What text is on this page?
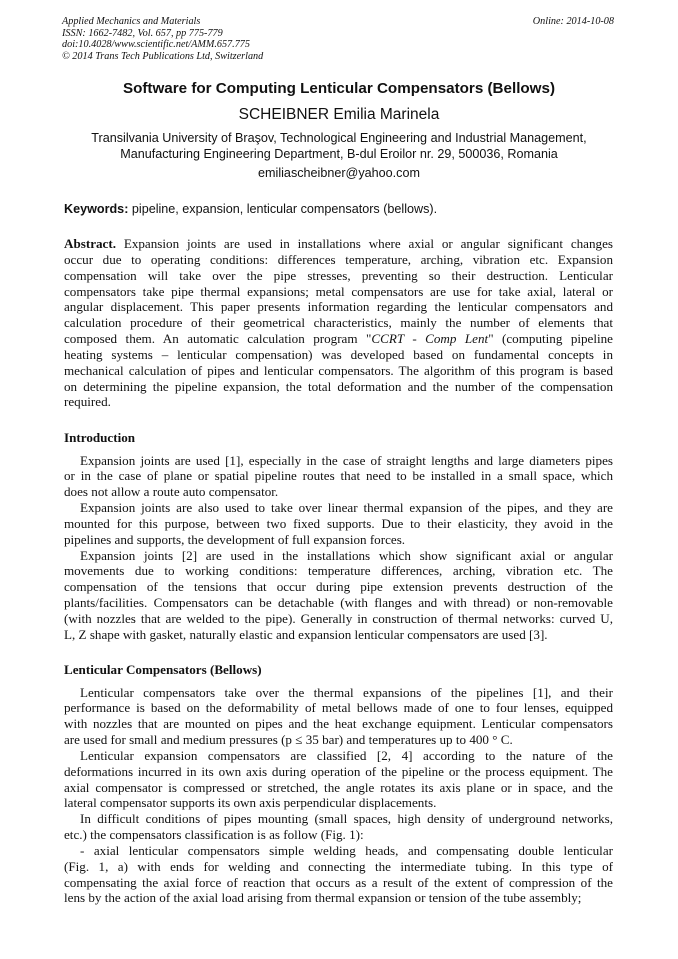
Applied Mechanics and Materials
ISSN: 1662-7482, Vol. 657, pp 775-779
doi:10.4028/www.scientific.net/AMM.657.775
© 2014 Trans Tech Publications Ltd, Switzerland
Online: 2014-10-08
Software for Computing Lenticular Compensators (Bellows)
SCHEIBNER Emilia Marinela
Transilvania University of Braşov, Technological Engineering and Industrial Management,
Manufacturing Engineering Department, B-dul Eroilor nr. 29, 500036, Romania
emiliascheibner@yahoo.com
Keywords: pipeline, expansion, lenticular compensators (bellows).
Abstract. Expansion joints are used in installations where axial or angular significant changes
occur due to operating conditions: differences temperature, arching, vibration etc. Expansion
compensation will take over the pipe stresses, preventing so their destruction. Lenticular
compensators take pipe thermal expansions; metal compensators are use for take axial, lateral or
angular displacement. This paper presents information regarding the lenticular compensators and
calculation procedure of their geometrical characteristics, mainly the number of elements that
composed them. An automatic calculation program "CCRT - Comp Lent" (computing pipeline
heating systems – lenticular compensation) was developed based on fundamental concepts in
mechanical calculation of pipes and lenticular compensators. The algorithm of this program is based
on determining the pipeline expansion, the total deformation and the number of the compensation
required.
Introduction
Expansion joints are used [1], especially in the case of straight lengths and large diameters pipes
or in the case of plane or spatial pipeline routes that need to be installed in a small space, which
does not allow a route auto compensator.
Expansion joints are also used to take over linear thermal expansion of the pipes, and they are
mounted for this purpose, between two fixed supports. Due to their elasticity, they avoid in the
pipelines and supports, the development of full expansion forces.
Expansion joints [2] are used in the installations which show significant axial or angular
movements due to working conditions: temperature differences, arching, vibration etc. The
compensation of the tensions that occur during pipe extension prevents destruction of the
plants/facilities. Compensators can be detachable (with flanges and with thread) or non-removable
(with nozzles that are welded to the pipe). Generally in construction of thermal networks: curved U,
L, Z shape with gasket, naturally elastic and expansion lenticular compensators are used [3].
Lenticular Compensators (Bellows)
Lenticular compensators take over the thermal expansions of the pipelines [1], and their
performance is based on the deformability of metal bellows made of one to four lenses, equipped
with nozzles that are mounted on pipes and the heat exchange equipment. Lenticular compensators
are used for small and medium pressures (p ≤ 35 bar) and temperatures up to 400 ° C.
Lenticular expansion compensators are classified [2, 4] according to the nature of the
deformations incurred in its own axis during operation of the pipeline or the process equipment. The
axial compensator is compressed or stretched, the angle rotates its axis plane or in space, and the
lateral compensator supports its own axis perpendicular displacements.
In difficult conditions of pipes mounting (small spaces, high density of underground networks,
etc.) the compensators classification is as follow (Fig. 1):
- axial lenticular compensators simple welding heads, and compensating double lenticular
(Fig. 1, a) with ends for welding and connecting the intermediate tubing. In this type of
compensating the axial force of reaction that occurs as a result of the extent of compression of the
lens by the action of the axial load arising from thermal expansion or tension of the tube assembly;
